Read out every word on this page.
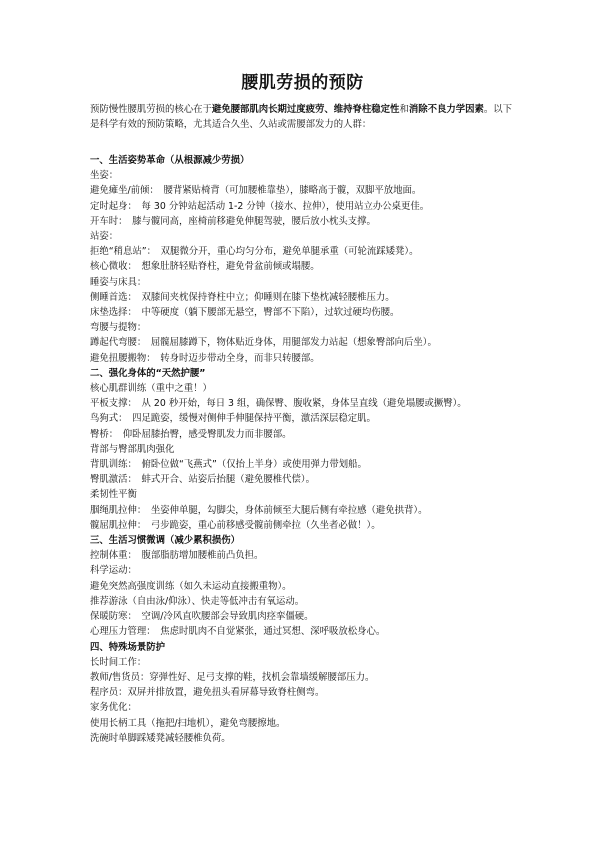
腰肌劳损的预防

预防慢性腰肌劳损的核心在于避免腰部肌肉长期过度疲劳、维持脊柱稳定性和消除不良力学因素。以下是科学有效的预防策略，尤其适合久坐、久站或需腰部发力的人群：

一、生活姿势革命（从根源减少劳损）

坐姿：

避免瘫坐/前倾：　腰背紧贴椅背（可加腰椎靠垫），膝略高于髋，双脚平放地面。

定时起身：　每 30 分钟站起活动 1-2 分钟（接水、拉伸），使用站立办公桌更佳。

开车时：　膝与髋同高，座椅前移避免伸腿驾驶，腰后放小枕头支撑。

站姿：

拒绝“稍息站”：　双腿微分开，重心均匀分布，避免单腿承重（可轮流踩矮凳）。

核心微收：　想象肚脐轻贴脊柱，避免骨盆前倾或塌腰。

睡姿与床具：

侧睡首选：　双膝间夹枕保持脊柱中立；仰睡则在膝下垫枕减轻腰椎压力。

床垫选择：　中等硬度（躺下腰部无悬空，臀部不下陷），过软过硬均伤腰。

弯腰与提物：

蹲起代弯腰：　屈髋屈膝蹲下，物体贴近身体，用腿部发力站起（想象臀部向后坐）。

避免扭腰搬物：　转身时迈步带动全身，而非只转腰部。

二、强化身体的“天然护腰”

核心肌群训练（重中之重！）

平板支撑：　从 20 秒开始，每日 3 组，确保臀、腹收紧，身体呈直线（避免塌腰或撅臀）。

鸟狗式：　四足跪姿，缓慢对侧伸手伸腿保持平衡，激活深层稳定肌。

臀桥：　仰卧屈膝抬臀，感受臀肌发力而非腰部。

背部与臀部肌肉强化

背肌训练：　俯卧位做“飞燕式”（仅抬上半身）或使用弹力带划船。

臀肌激活：　蚌式开合、站姿后抬腿（避免腰椎代偿）。

柔韧性平衡

腘绳肌拉伸：　坐姿伸单腿，勾脚尖，身体前倾至大腿后侧有牵拉感（避免拱背）。

髋屈肌拉伸：　弓步跪姿，重心前移感受髋前侧牵拉（久坐者必做！）。

三、生活习惯微调（减少累积损伤）

控制体重：　腹部脂肪增加腰椎前凸负担。

科学运动：

避免突然高强度训练（如久未运动直接搬重物）。

推荐游泳（自由泳/仰泳）、快走等低冲击有氧运动。

保暖防寒：　空调/冷风直吹腰部会导致肌肉痉挛僵硬。

心理压力管理：　焦虑时肌肉不自觉紧张，通过冥想、深呼吸放松身心。

四、特殊场景防护

长时间工作：

教师/售货员：穿弹性好、足弓支撑的鞋，找机会靠墙缓解腰部压力。

程序员：双屏并排放置，避免扭头看屏幕导致脊柱侧弯。

家务优化：

使用长柄工具（拖把/扫地机），避免弯腰擦地。

洗碗时单脚踩矮凳减轻腰椎负荷。
